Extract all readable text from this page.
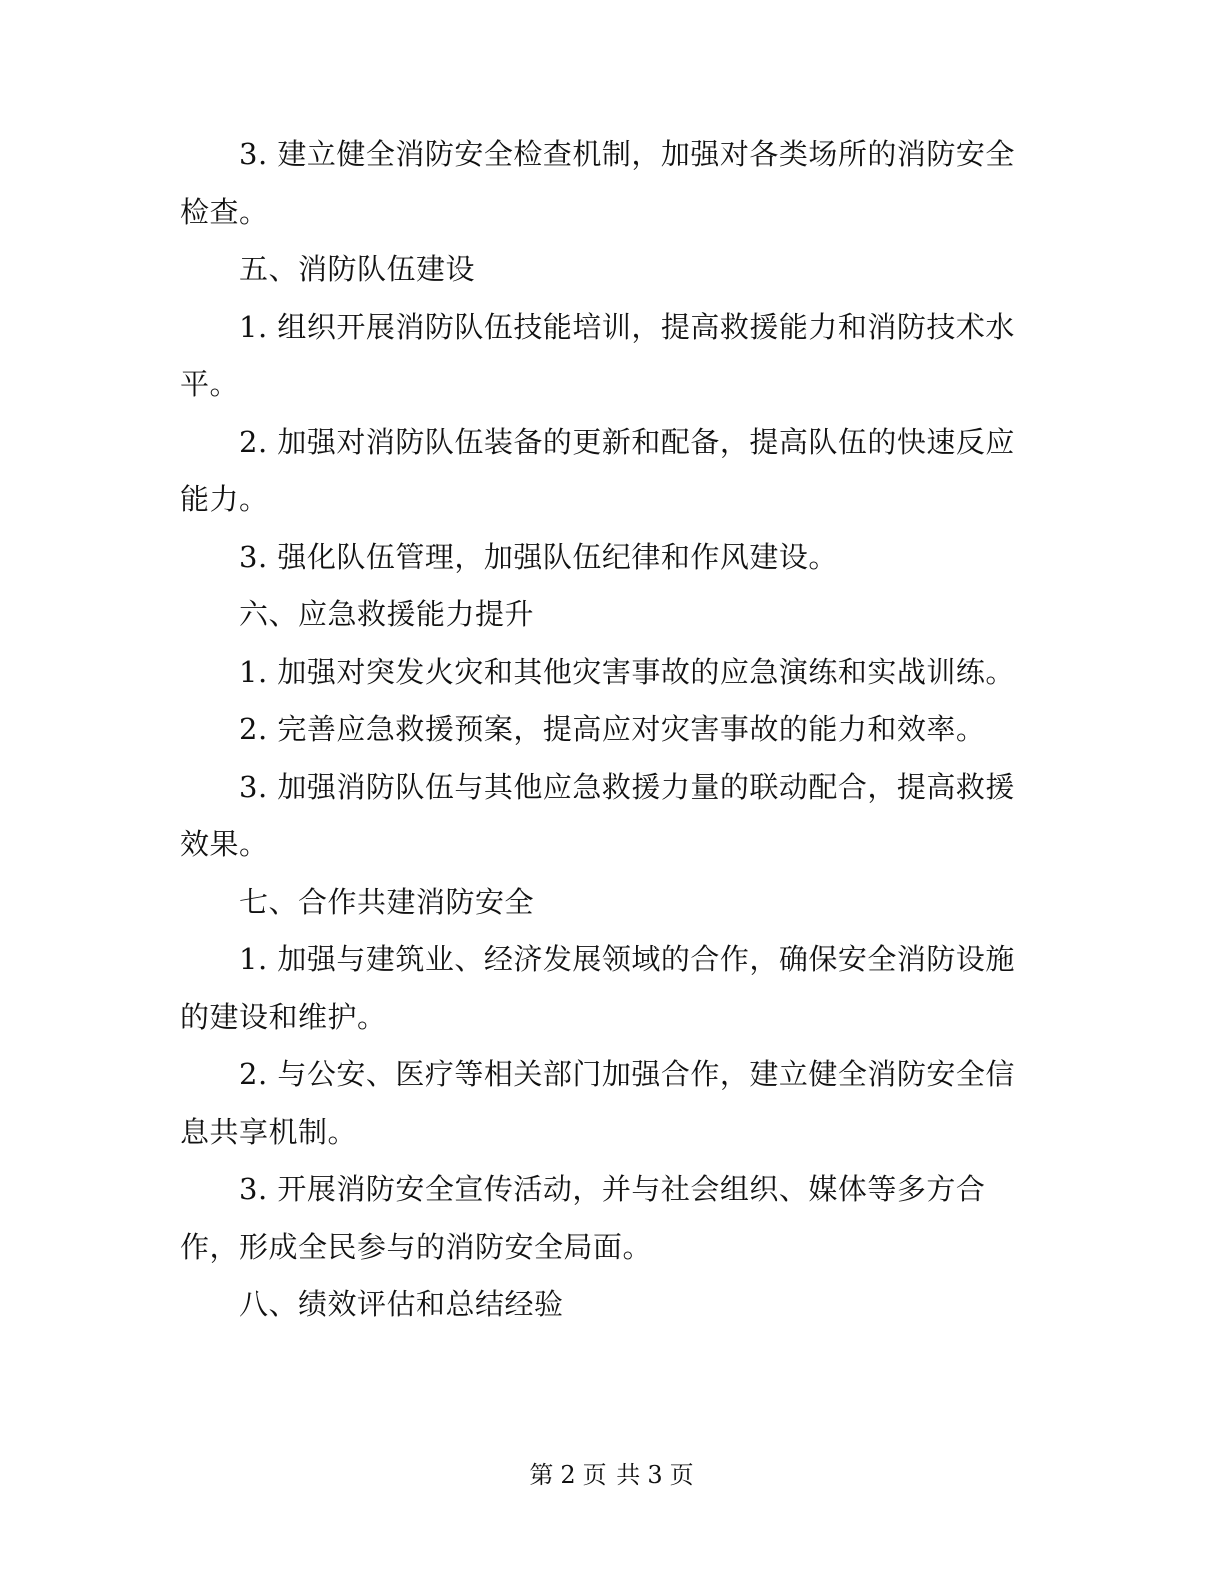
3. 建立健全消防安全检查机制，加强对各类场所的消防安全检查。

五、消防队伍建设

1. 组织开展消防队伍技能培训，提高救援能力和消防技术水平。

2. 加强对消防队伍装备的更新和配备，提高队伍的快速反应能力。

3. 强化队伍管理，加强队伍纪律和作风建设。

六、应急救援能力提升

1. 加强对突发火灾和其他灾害事故的应急演练和实战训练。

2. 完善应急救援预案，提高应对灾害事故的能力和效率。

3. 加强消防队伍与其他应急救援力量的联动配合，提高救援效果。

七、合作共建消防安全

1. 加强与建筑业、经济发展领域的合作，确保安全消防设施的建设和维护。

2. 与公安、医疗等相关部门加强合作，建立健全消防安全信息共享机制。

3. 开展消防安全宣传活动，并与社会组织、媒体等多方合作，形成全民参与的消防安全局面。

八、绩效评估和总结经验

第 2 页 共 3 页
